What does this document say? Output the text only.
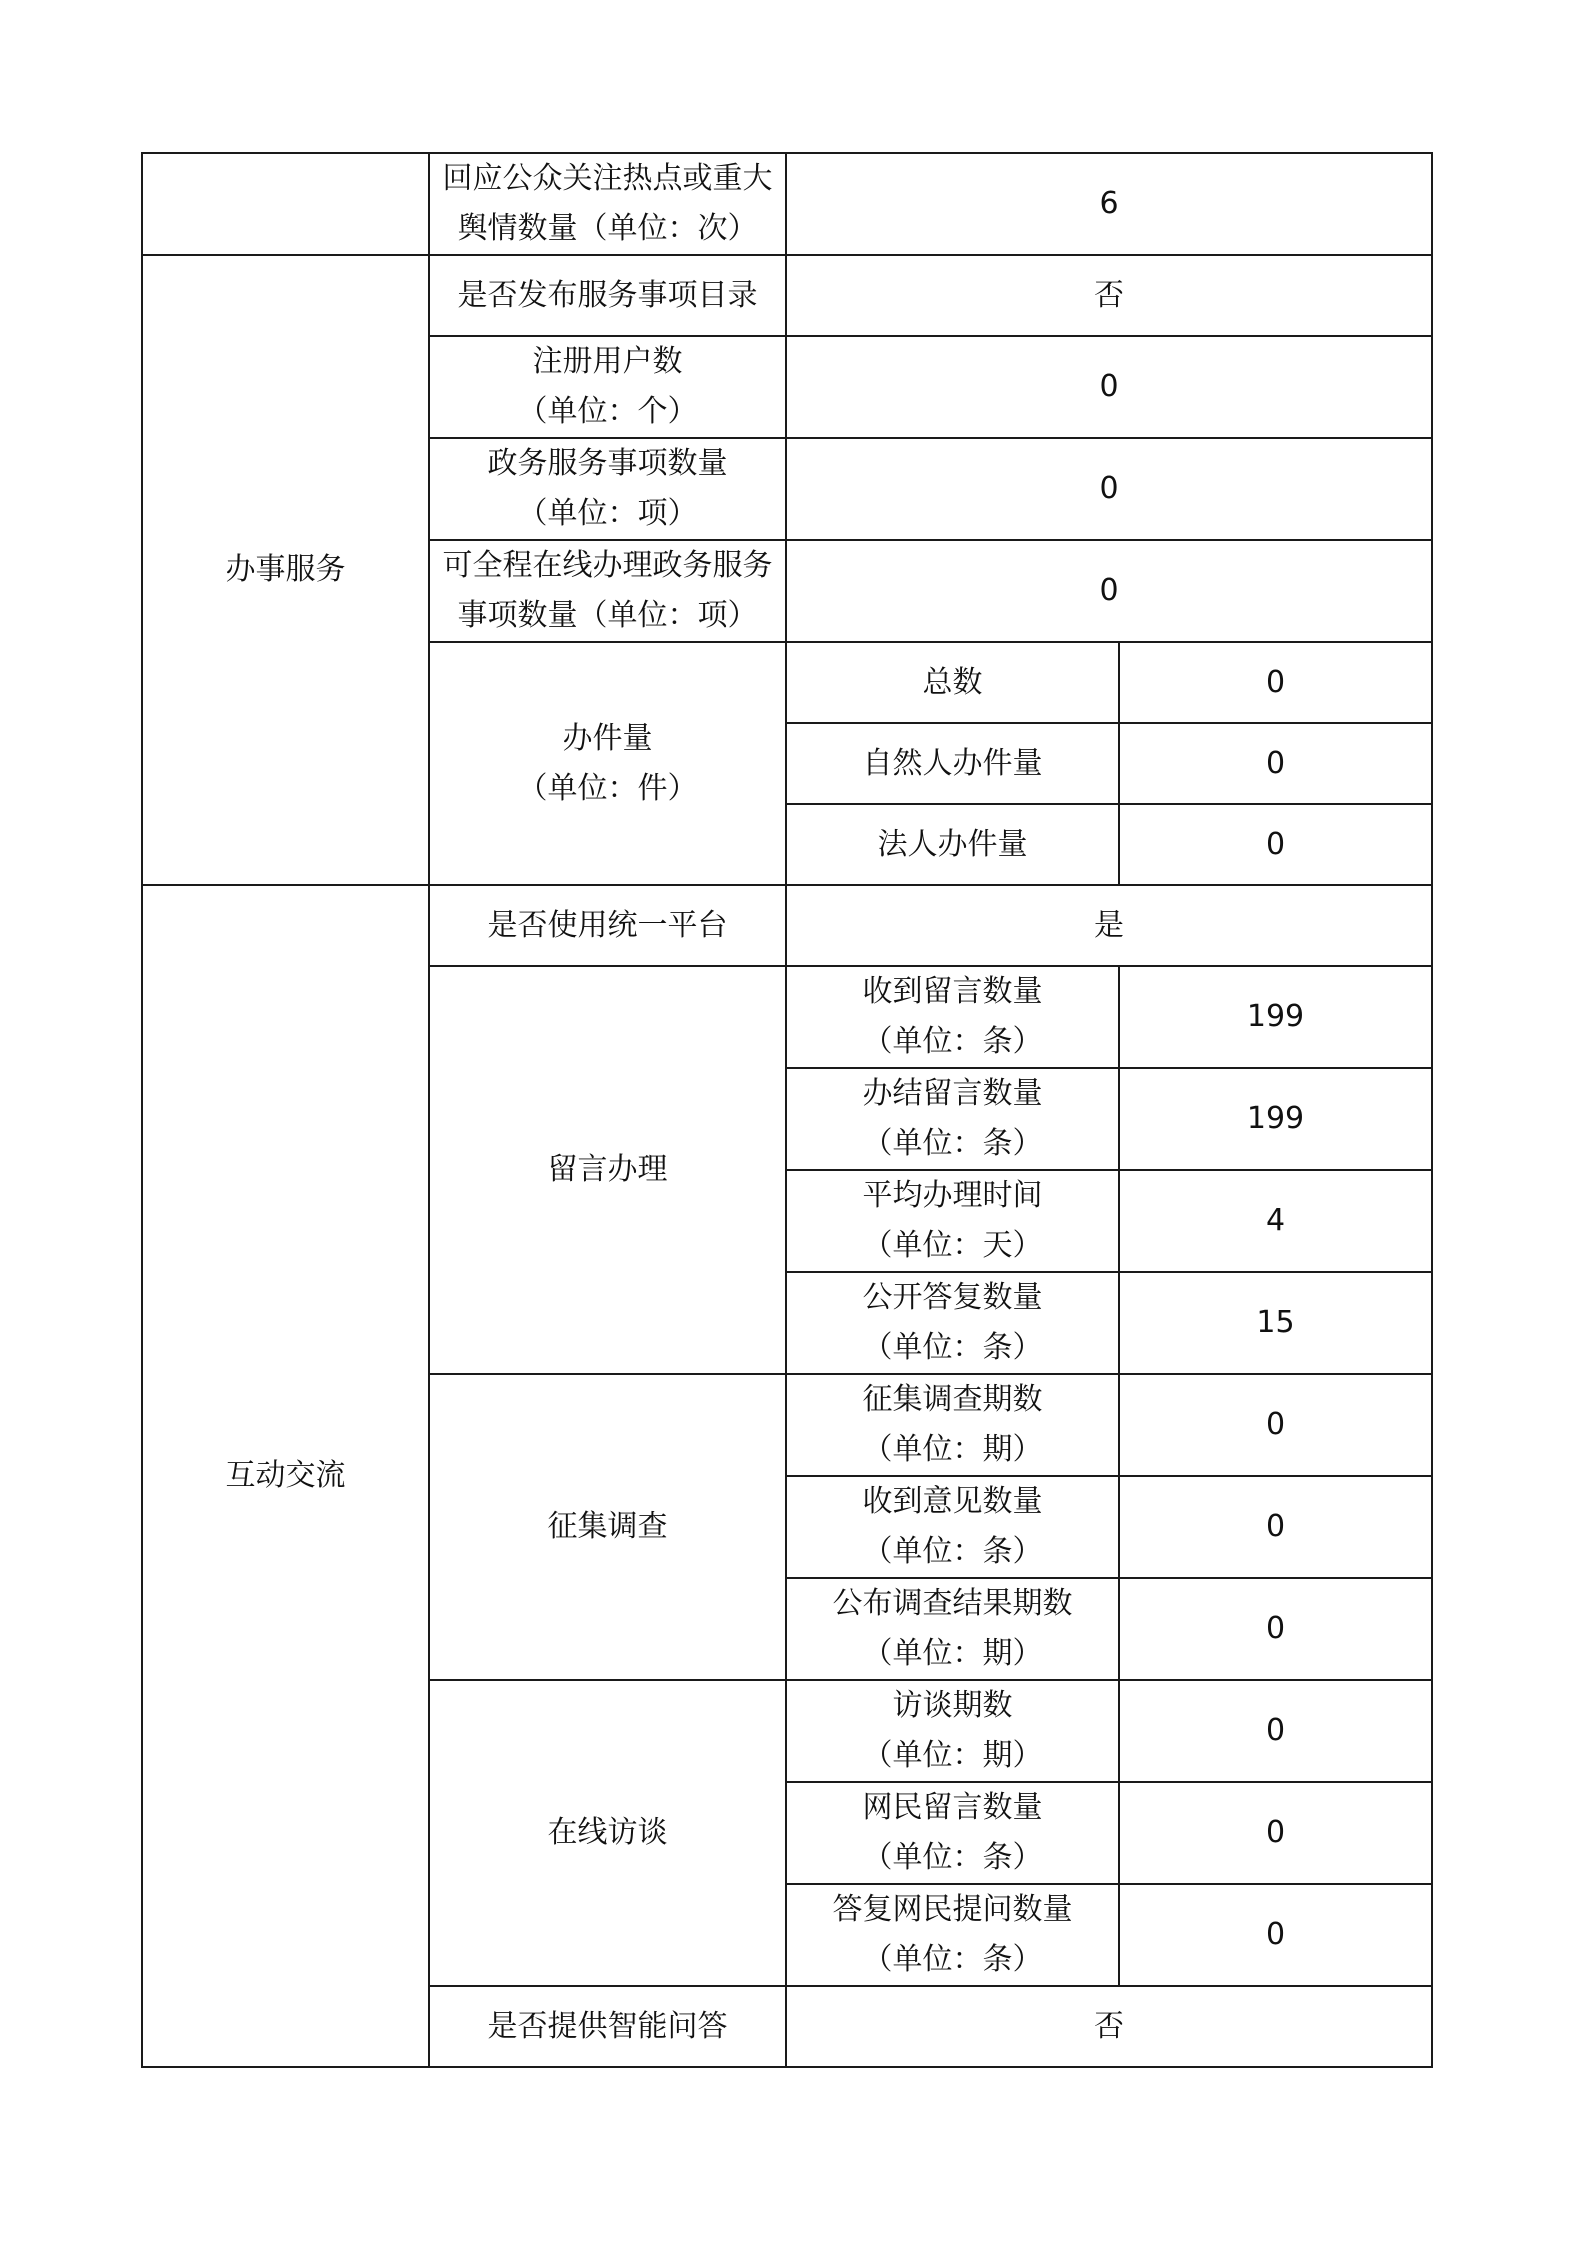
	回应公众关注热点或重大舆情数量（单位：次）	6	
办事服务	是否发布服务事项目录	否	

	注册用户数
（单位：个）	0	

	政务服务事项数量
（单位：项）	0	
	可全程在线办理政务服务事项数量（单位：项）	0	

	办件量
（单位：件）	总数	0
		自然人办件量	0
		法人办件量	0
互动交流	是否使用统一平台	是	
	留言办理	收到留言数量
（单位：条）	199

		办结留言数量
（单位：条）	199

		平均办理时间
（单位：天）	4

		公开答复数量
（单位：条）	15
	征集调查	征集调查期数
（单位：期）	0

		收到意见数量
（单位：条）	0

		公布调查结果期数
（单位：期）	0
	在线访谈	访谈期数
（单位：期）	0

		网民留言数量
（单位：条）	0

		答复网民提问数量
（单位：条）	0
	是否提供智能问答	否	
